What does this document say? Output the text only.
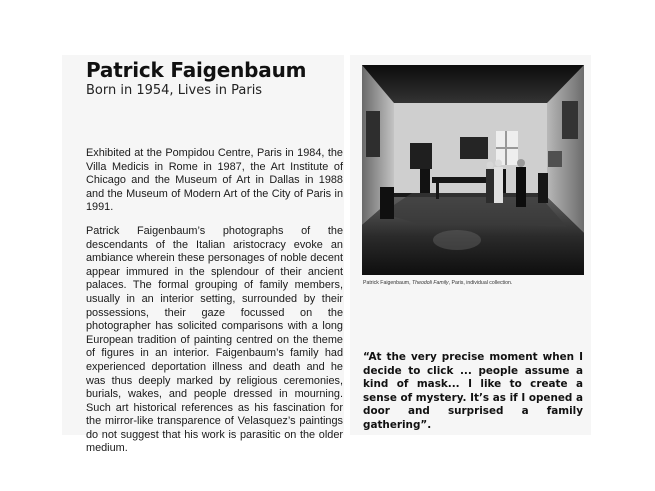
Patrick Faigenbaum
Born in 1954, Lives in Paris

Exhibited at the Pompidou Centre, Paris in 1984, the Villa Medicis in Rome in 1987, the Art Institute of Chicago and the Museum of Art in Dallas in 1988 and the Museum of Modern Art of the City of Paris in 1991.

Patrick Faigenbaum’s photographs of the descendants of the Italian aristocracy evoke an ambiance wherein these personages of noble decent appear immured in the splendour of their ancient palaces. The formal grouping of family members, usually in an interior setting, surrounded by their possessions, their gaze focussed on the photographer has solicited comparisons with a long European tradition of painting centred on the theme of figures in an interior. Faigenbaum’s family had experienced deportation illness and death and he was thus deeply marked by religious ceremonies, burials, wakes, and people dressed in mourning. Such art historical references as his fascination for the mirror-like transparence of Velasquez’s paintings do not suggest that his work is parasitic on the older medium.

Patrick Faigenbaum, Theodoli Family, Paris, individual collection.
“At the very precise moment when I decide to click ... people assume a kind of mask... I like to create a sense of mystery. It’s as if I opened a door and surprised a family gathering”.
